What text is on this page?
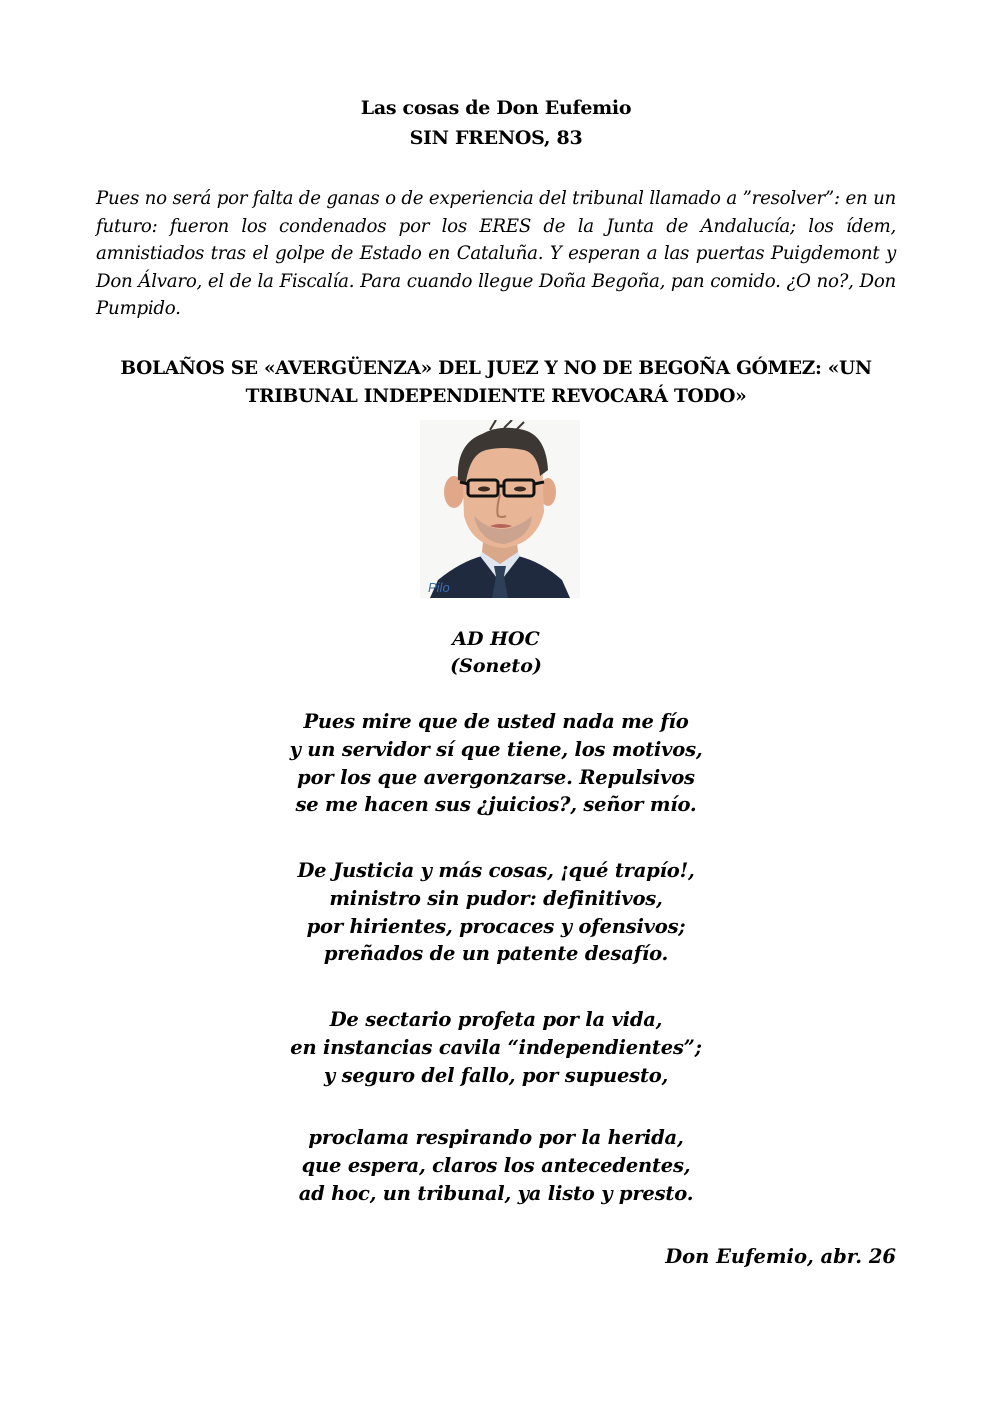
Las cosas de Don Eufemio
SIN FRENOS, 83
Pues no será por falta de ganas o de experiencia del tribunal llamado a ”resolver”: en un futuro: fueron los condenados por los ERES de la Junta de Andalucía; los ídem, amnistiados tras el golpe de Estado en Cataluña. Y esperan a las puertas Puigdemont y Don Álvaro, el de la Fiscalía. Para cuando llegue Doña Begoña, pan comido. ¿O no?, Don Pumpido.
BOLAÑOS SE «AVERGÜENZA» DEL JUEZ Y NO DE BEGOÑA GÓMEZ: «UN
TRIBUNAL INDEPENDIENTE REVOCARÁ TODO»
Pilo
AD HOC
(Soneto)
Pues mire que de usted nada me fío
y un servidor sí que tiene, los motivos,
por los que avergonzarse. Repulsivos
se me hacen sus ¿juicios?, señor mío.
De Justicia y más cosas, ¡qué trapío!,
ministro sin pudor: definitivos,
por hirientes, procaces y ofensivos;
preñados de un patente desafío.
De sectario profeta por la vida,
en instancias cavila “independientes”;
y seguro del fallo, por supuesto,
proclama respirando por la herida,
que espera, claros los antecedentes,
ad hoc, un tribunal, ya listo y presto.
Don Eufemio, abr. 26
